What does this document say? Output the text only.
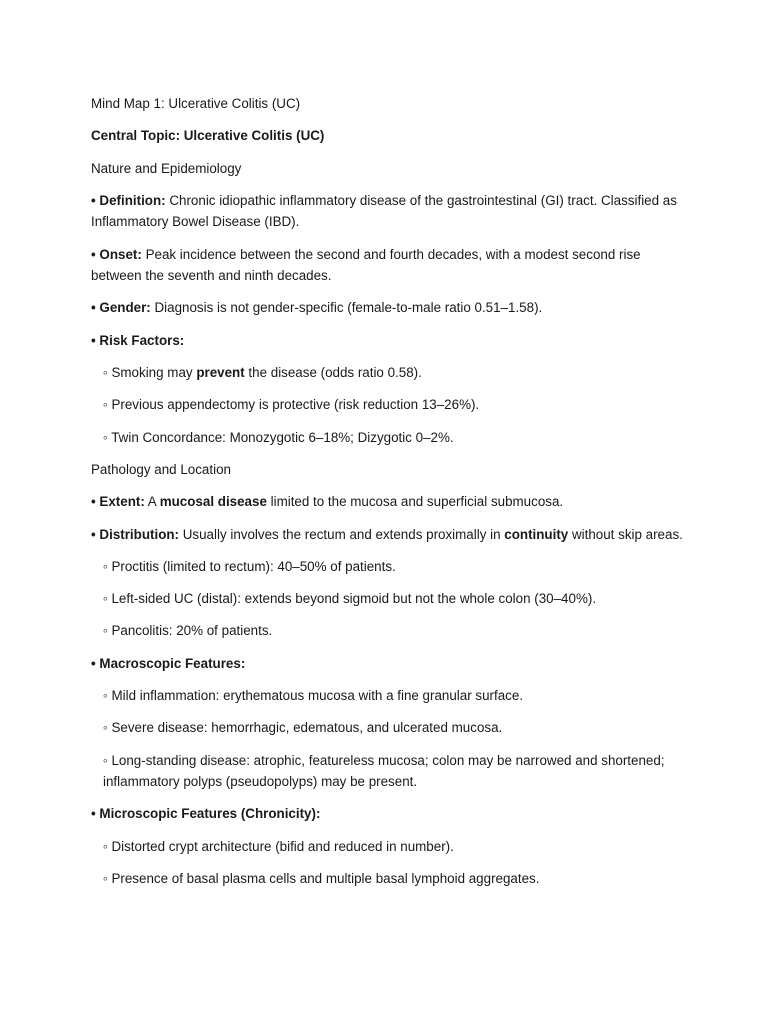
Mind Map 1: Ulcerative Colitis (UC)

Central Topic: Ulcerative Colitis (UC)

Nature and Epidemiology

• Definition: Chronic idiopathic inflammatory disease of the gastrointestinal (GI) tract. Classified as Inflammatory Bowel Disease (IBD).

• Onset: Peak incidence between the second and fourth decades, with a modest second rise between the seventh and ninth decades.

• Gender: Diagnosis is not gender-specific (female-to-male ratio 0.51–1.58).

• Risk Factors:

◦ Smoking may prevent the disease (odds ratio 0.58).

◦ Previous appendectomy is protective (risk reduction 13–26%).

◦ Twin Concordance: Monozygotic 6–18%; Dizygotic 0–2%.

Pathology and Location

• Extent: A mucosal disease limited to the mucosa and superficial submucosa.

• Distribution: Usually involves the rectum and extends proximally in continuity without skip areas.

◦ Proctitis (limited to rectum): 40–50% of patients.

◦ Left-sided UC (distal): extends beyond sigmoid but not the whole colon (30–40%).

◦ Pancolitis: 20% of patients.

• Macroscopic Features:

◦ Mild inflammation: erythematous mucosa with a fine granular surface.

◦ Severe disease: hemorrhagic, edematous, and ulcerated mucosa.

◦ Long-standing disease: atrophic, featureless mucosa; colon may be narrowed and shortened; inflammatory polyps (pseudopolyps) may be present.

• Microscopic Features (Chronicity):

◦ Distorted crypt architecture (bifid and reduced in number).

◦ Presence of basal plasma cells and multiple basal lymphoid aggregates.
